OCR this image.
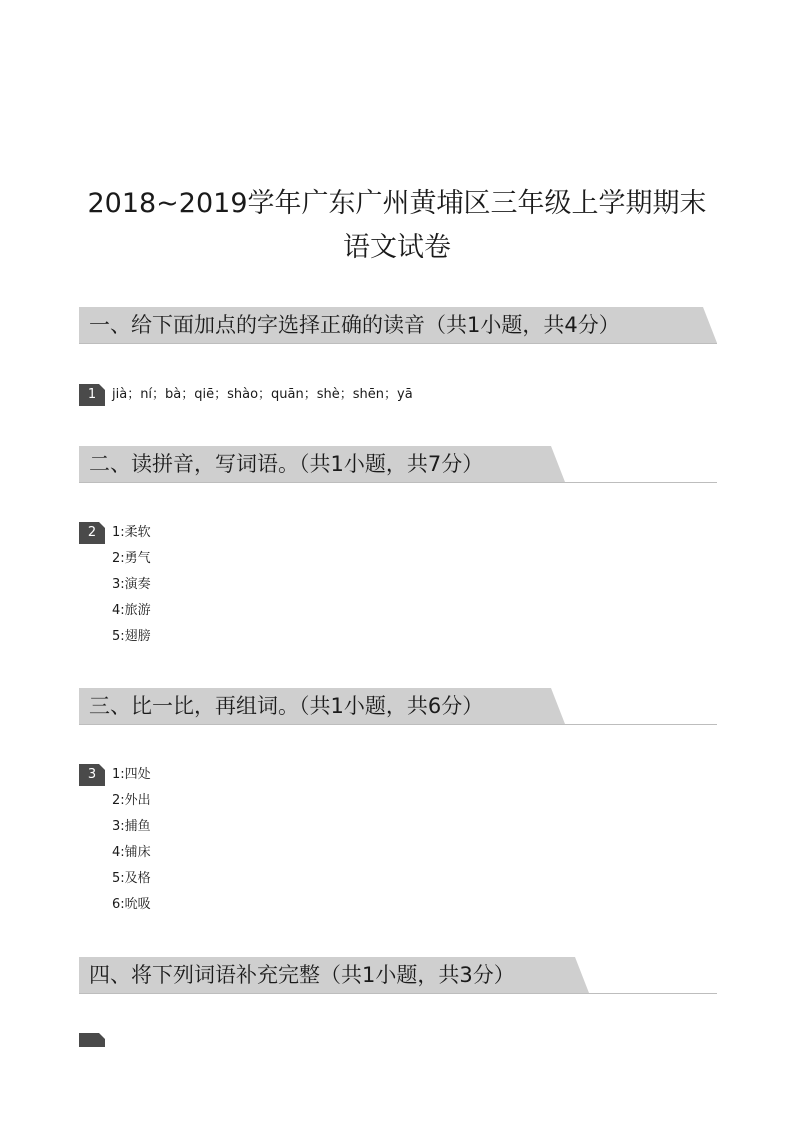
2018~2019学年广东广州黄埔区三年级上学期期末
语文试卷
一、给下面加点的字选择正确的读音（共1小题，共4分）
1	jià；ní；bà；qiē；shào；quān；shè；shēn；yā
二、读拼音，写词语。（共1小题，共7分）
2	1:柔软
2:勇气
3:演奏
4:旅游
5:翅膀
三、比一比，再组词。（共1小题，共6分）
3	1:四处
2:外出
3:捕鱼
4:铺床
5:及格
6:吮吸
四、将下列词语补充完整（共1小题，共3分）
